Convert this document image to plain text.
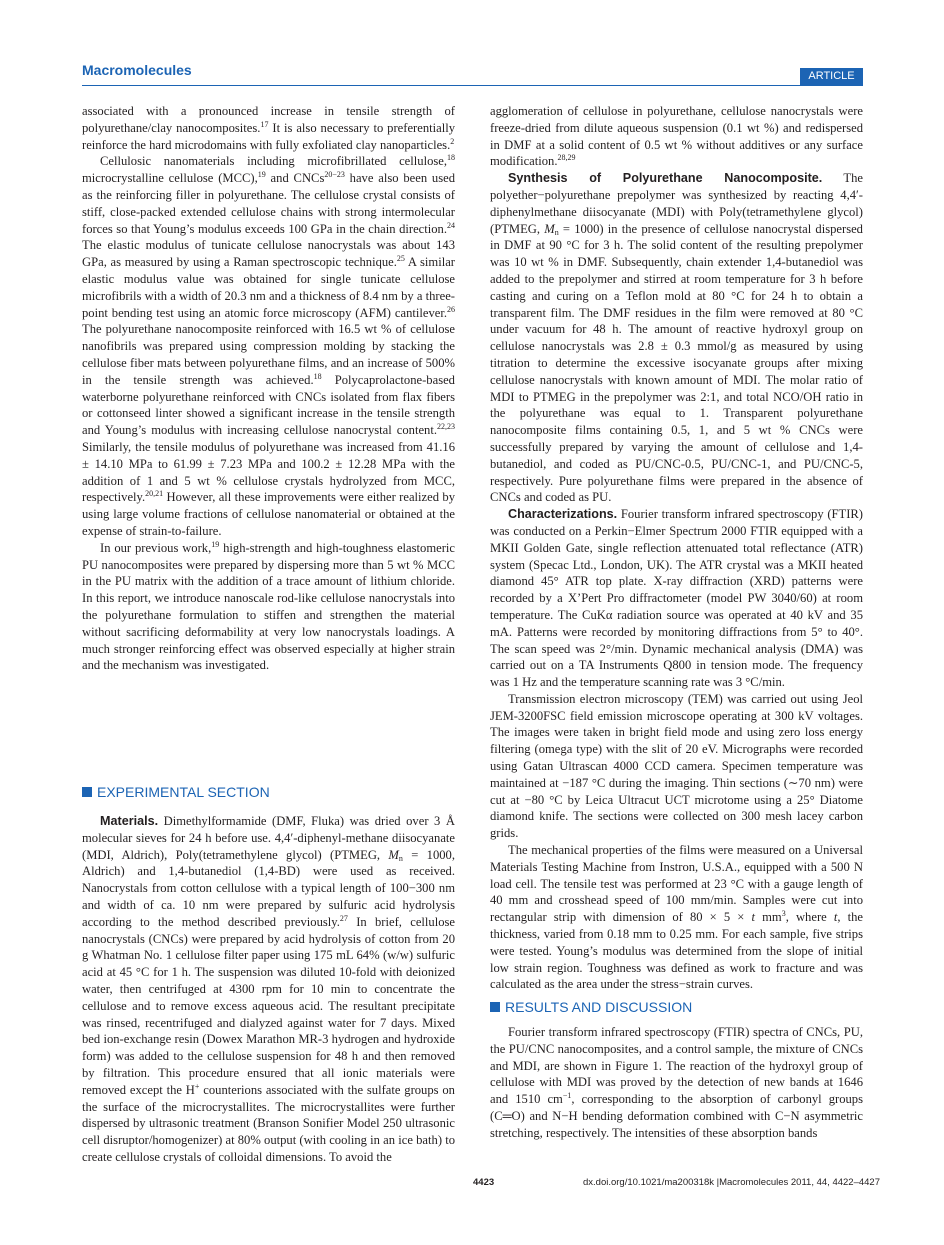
Macromolecules	ARTICLE

associated with a pronounced increase in tensile strength of polyurethane/clay nanocomposites.$^{17}$ It is also necessary to preferentially reinforce the hard microdomains with fully exfoliated clay nanoparticles.$^2$

Cellulosic nanomaterials including microfibrillated cellulose,$^{18}$ microcrystalline cellulose (MCC),$^{19}$ and CNCs$^{20-23}$ have also been used as the reinforcing filler in polyurethane. The cellulose crystal consists of stiff, close-packed extended cellulose chains with strong intermolecular forces so that Young’s modulus exceeds 100 GPa in the chain direction.$^{24}$ The elastic modulus of tunicate cellulose nanocrystals was about 143 GPa, as measured by using a Raman spectroscopic technique.$^{25}$ A similar elastic modulus value was obtained for single tunicate cellulose microfibrils with a width of 20.3 nm and a thickness of 8.4 nm by a three-point bending test using an atomic force microscopy (AFM) cantilever.$^{26}$ The polyurethane nanocomposite reinforced with 16.5 wt % of cellulose nanofibrils was prepared using compression molding by stacking the cellulose fiber mats between polyurethane films, and an increase of 500% in the tensile strength was achieved.$^{18}$ Polycaprolactone-based waterborne polyurethane reinforced with CNCs isolated from flax fibers or cottonseed linter showed a significant increase in the tensile strength and Young’s modulus with increasing cellulose nanocrystal content.$^{22,23}$ Similarly, the tensile modulus of polyurethane was increased from 41.16 ± 14.10 MPa to 61.99 ± 7.23 MPa and 100.2 ± 12.28 MPa with the addition of 1 and 5 wt % cellulose crystals hydrolyzed from MCC, respectively.$^{20,21}$ However, all these improvements were either realized by using large volume fractions of cellulose nanomaterial or obtained at the expense of strain-to-failure.

In our previous work,$^{19}$ high-strength and high-toughness elastomeric PU nanocomposites were prepared by dispersing more than 5 wt % MCC in the PU matrix with the addition of a trace amount of lithium chloride. In this report, we introduce nanoscale rod-like cellulose nanocrystals into the polyurethane formulation to stiffen and strengthen the material without sacrificing deformability at very low nanocrystals loadings. A much stronger reinforcing effect was observed especially at higher strain and the mechanism was investigated.

EXPERIMENTAL SECTION

Materials. Dimethylformamide (DMF, Fluka) was dried over 3 Å molecular sieves for 24 h before use. 4,4′-diphenyl-methane diisocyanate (MDI, Aldrich), Poly(tetramethylene glycol) (PTMEG, $M_n = 1000$, Aldrich) and 1,4-butanediol (1,4-BD) were used as received. Nanocrystals from cotton cellulose with a typical length of 100−300 nm and width of ca. 10 nm were prepared by sulfuric acid hydrolysis according to the method described previously.$^{27}$ In brief, cellulose nanocrystals (CNCs) were prepared by acid hydrolysis of cotton from 20 g Whatman No. 1 cellulose filter paper using 175 mL 64% (w/w) sulfuric acid at 45 °C for 1 h. The suspension was diluted 10-fold with deionized water, then centrifuged at 4300 rpm for 10 min to concentrate the cellulose and to remove excess aqueous acid. The resultant precipitate was rinsed, recentrifuged and dialyzed against water for 7 days. Mixed bed ion-exchange resin (Dowex Marathon MR-3 hydrogen and hydroxide form) was added to the cellulose suspension for 48 h and then removed by filtration. This procedure ensured that all ionic materials were removed except the H+ counterions associated with the sulfate groups on the surface of the microcrystallites. The microcrystallites were further dispersed by ultrasonic treatment (Branson Sonifier Model 250 ultrasonic cell disruptor/homogenizer) at 80% output (with cooling in an ice bath) to create cellulose crystals of colloidal dimensions. To avoid the

agglomeration of cellulose in polyurethane, cellulose nanocrystals were freeze-dried from dilute aqueous suspension (0.1 wt %) and redispersed in DMF at a solid content of 0.5 wt % without additives or any surface modification.$^{28,29}$

Synthesis of Polyurethane Nanocomposite. The polyether−polyurethane prepolymer was synthesized by reacting 4,4′-diphenylmethane diisocyanate (MDI) with Poly(tetramethylene glycol) (PTMEG, $M_n = 1000$) in the presence of cellulose nanocrystal dispersed in DMF at 90 °C for 3 h. The solid content of the resulting prepolymer was 10 wt % in DMF. Subsequently, chain extender 1,4-butanediol was added to the prepolymer and stirred at room temperature for 3 h before casting and curing on a Teflon mold at 80 °C for 24 h to obtain a transparent film. The DMF residues in the film were removed at 80 °C under vacuum for 48 h. The amount of reactive hydroxyl group on cellulose nanocrystals was 2.8 ± 0.3 mmol/g as measured by using titration to determine the excessive isocyanate groups after mixing cellulose nanocrystals with known amount of MDI. The molar ratio of MDI to PTMEG in the prepolymer was 2:1, and total NCO/OH ratio in the polyurethane was equal to 1. Transparent polyurethane nanocomposite films containing 0.5, 1, and 5 wt % CNCs were successfully prepared by varying the amount of cellulose and 1,4-butanediol, and coded as PU/CNC-0.5, PU/CNC-1, and PU/CNC-5, respectively. Pure polyurethane films were prepared in the absence of CNCs and coded as PU.

Characterizations. Fourier transform infrared spectroscopy (FTIR) was conducted on a Perkin−Elmer Spectrum 2000 FTIR equipped with a MKII Golden Gate, single reflection attenuated total reflectance (ATR) system (Specac Ltd., London, UK). The ATR crystal was a MKII heated diamond 45° ATR top plate. X-ray diffraction (XRD) patterns were recorded by a X’Pert Pro diffractometer (model PW 3040/60) at room temperature. The CuKα radiation source was operated at 40 kV and 35 mA. Patterns were recorded by monitoring diffractions from 5° to 40°. The scan speed was 2°/min. Dynamic mechanical analysis (DMA) was carried out on a TA Instruments Q800 in tension mode. The frequency was 1 Hz and the temperature scanning rate was 3 °C/min.

Transmission electron microscopy (TEM) was carried out using Jeol JEM-3200FSC field emission microscope operating at 300 kV voltages. The images were taken in bright field mode and using zero loss energy filtering (omega type) with the slit of 20 eV. Micrographs were recorded using Gatan Ultrascan 4000 CCD camera. Specimen temperature was maintained at −187 °C during the imaging. Thin sections (∼70 nm) were cut at −80 °C by Leica Ultracut UCT microtome using a 25° Diatome diamond knife. The sections were collected on 300 mesh lacey carbon grids.

The mechanical properties of the films were measured on a Universal Materials Testing Machine from Instron, U.S.A., equipped with a 500 N load cell. The tensile test was performed at 23 °C with a gauge length of 40 mm and crosshead speed of 100 mm/min. Samples were cut into rectangular strip with dimension of 80 × 5 × t $mm^3$, where t, the thickness, varied from 0.18 mm to 0.25 mm. For each sample, five strips were tested. Young’s modulus was determined from the slope of initial low strain region. Toughness was defined as work to fracture and was calculated as the area under the stress−strain curves.

RESULTS AND DISCUSSION

Fourier transform infrared spectroscopy (FTIR) spectra of CNCs, PU, the PU/CNC nanocomposites, and a control sample, the mixture of CNCs and MDI, are shown in Figure 1. The reaction of the hydroxyl group of cellulose with MDI was proved by the detection of new bands at 1646 and 1510 $cm^{-1}$, corresponding to the absorption of carbonyl groups (C═O) and N−H bending deformation combined with C−N asymmetric stretching, respectively. The intensities of these absorption bands

4423	dx.doi.org/10.1021/ma200318k |Macromolecules 2011, 44, 4422–4427
